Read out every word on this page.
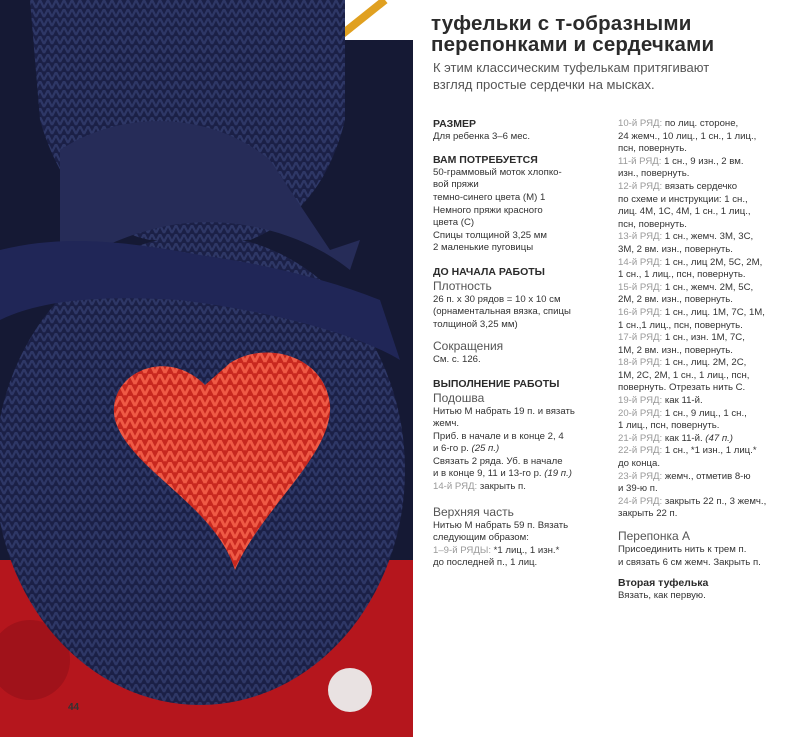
44
туфельки с т-образными
перепонками и сердечками
К этим классическим туфелькам притягивают
взгляд простые сердечки на мысках.
РАЗМЕР
Для ребенка 3–6 мес.
ВАМ ПОТРЕБУЕТСЯ
50-граммовый моток хлопко-
вой пряжи
темно-синего цвета (М) 1
Немного пряжи красного
цвета (С)
Спицы толщиной 3,25 мм
2 маленькие пуговицы
ДО НАЧАЛА РАБОТЫ
Плотность
26 п. х 30 рядов = 10 х 10 см
(орнаментальная вязка, спицы
толщиной 3,25 мм)
Сокращения
См. с. 126.
ВЫПОЛНЕНИЕ РАБОТЫ
Подошва
Нитью М набрать 19 п. и вязать
жемч.
Приб. в начале и в конце 2, 4
и 6-го р. (25 п.)
Связать 2 ряда. Уб. в начале
и в конце 9, 11 и 13-го р. (19 п.)
14-й РЯД: закрыть п.
Верхняя часть
Нитью М набрать 59 п. Вязать
следующим образом:
1–9-й РЯДЫ: *1 лиц., 1 изн.*
до последней п., 1 лиц.
10-й РЯД: по лиц. стороне,
24 жемч., 10 лиц., 1 сн., 1 лиц.,
псн, повернуть.
11-й РЯД: 1 сн., 9 изн., 2 вм.
изн., повернуть.
12-й РЯД: вязать сердечко
по схеме и инструкции: 1 сн.,
лиц. 4М, 1С, 4М, 1 сн., 1 лиц.,
псн, повернуть.
13-й РЯД: 1 сн., жемч. 3М, 3С,
3М, 2 вм. изн., повернуть.
14-й РЯД: 1 сн., лиц 2М, 5С, 2М,
1 сн., 1 лиц., псн, повернуть.
15-й РЯД: 1 сн., жемч. 2М, 5С,
2М, 2 вм. изн., повернуть.
16-й РЯД: 1 сн., лиц. 1М, 7С, 1М,
1 сн.,1 лиц., псн, повернуть.
17-й РЯД: 1 сн., изн. 1М, 7С,
1М, 2 вм. изн., повернуть.
18-й РЯД: 1 сн., лиц. 2М, 2С,
1М, 2С, 2М, 1 сн., 1 лиц., псн,
повернуть. Отрезать нить С.
19-й РЯД: как 11-й.
20-й РЯД: 1 сн., 9 лиц., 1 сн.,
1 лиц., псн, повернуть.
21-й РЯД: как 11-й. (47 п.)
22-й РЯД: 1 сн., *1 изн., 1 лиц.*
до конца.
23-й РЯД: жемч., отметив 8-ю
и 39-ю п.
24-й РЯД: закрыть 22 п., 3 жемч.,
закрыть 22 п.
Перепонка А
Присоединить нить к трем п.
и связать 6 см жемч. Закрыть п.
Вторая туфелька
Вязать, как первую.
